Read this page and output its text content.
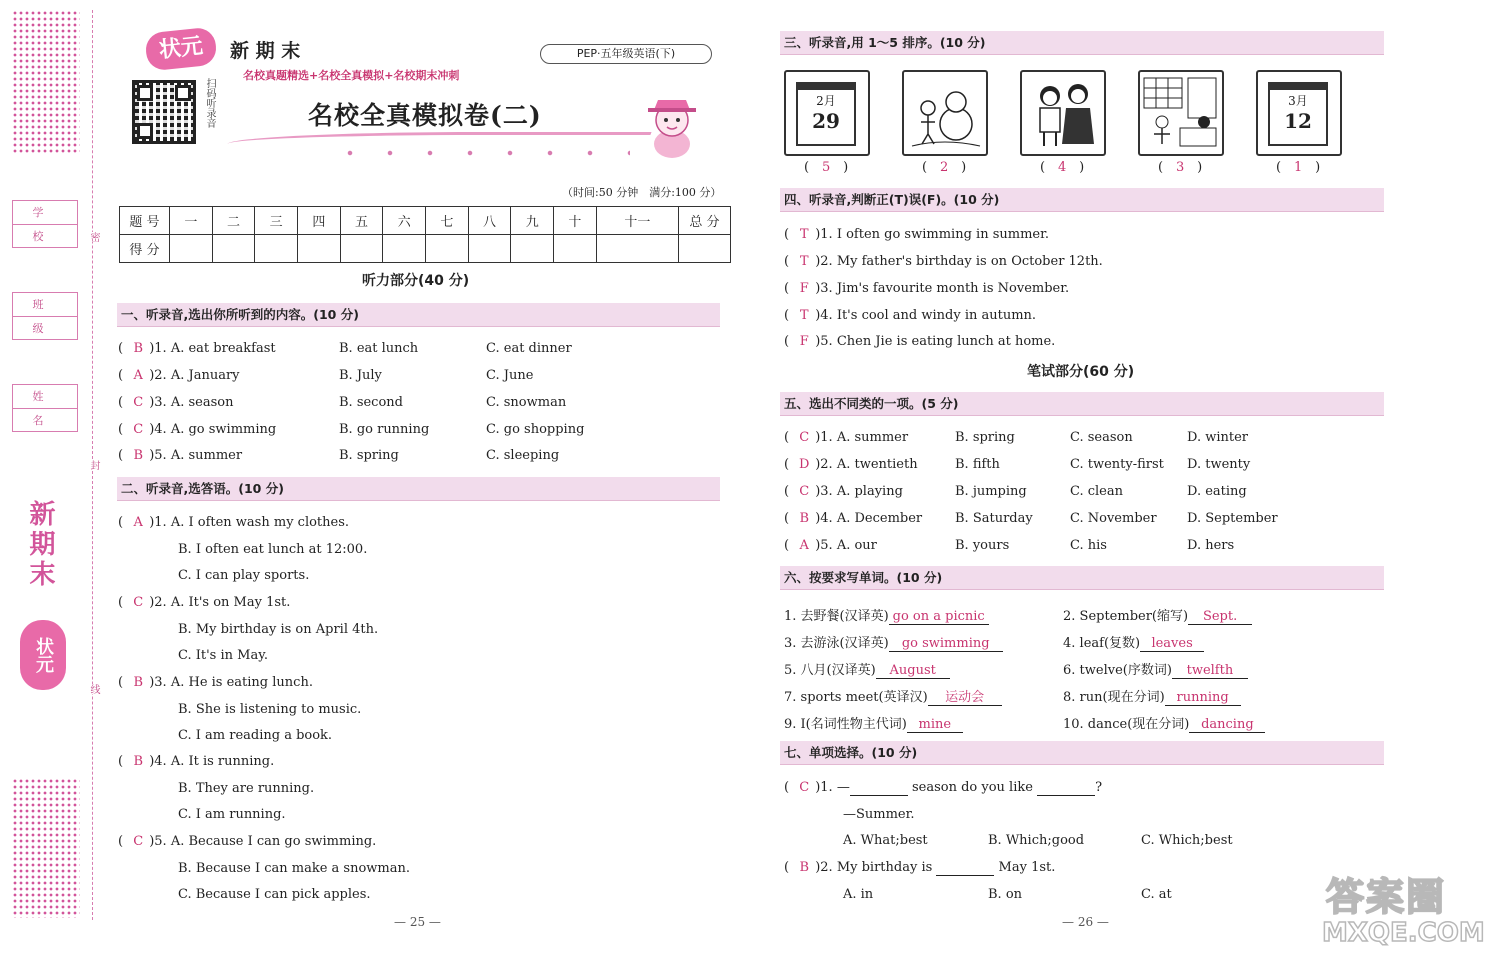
密
封
线
学 校
班 级
姓 名
新期末
状元
状元	新 期 末
名校真题精选+名校全真模拟+名校期末冲刺
PEP·五年级英语(下)
扫码听录音	名校全真模拟卷(二)
（时间:50 分钟　满分:100 分）
题 号	一	二	三	四	五	六	七	八	九	十	十一	总 分
得 分												
听力部分(40 分)
一、听录音,选出你所听到的内容。(10 分)
( B )1. A. eat breakfast	B. eat lunch	C. eat dinner
( A )2. A. January	B. July	C. June
( C )3. A. season	B. second	C. snowman
( C )4. A. go swimming	B. go running	C. go shopping
( B )5. A. summer	B. spring	C. sleeping
二、听录音,选答语。(10 分)
( A )1. A. I often wash my clothes.
B. I often eat lunch at 12:00.
C. I can play sports.
( C )2. A. It's on May 1st.
B. My birthday is on April 4th.
C. It's in May.
( B )3. A. He is eating lunch.
B. She is listening to music.
C. I am reading a book.
( B )4. A. It is running.
B. They are running.
C. I am running.
( C )5. A. Because I can go swimming.
B. Because I can make a snowman.
C. Because I can pick apples.
— 25 —
三、听录音,用 1～5 排序。(10 分)
2月
29
3月
12
( 5 )	( 2 )	( 4 )	( 3 )	( 1 )
四、听录音,判断正(T)误(F)。(10 分)
( T )1. I often go swimming in summer.
( T )2. My father's birthday is on October 12th.
( F )3. Jim's favourite month is November.
( T )4. It's cool and windy in autumn.
( F )5. Chen Jie is eating lunch at home.
笔试部分(60 分)
五、选出不同类的一项。(5 分)
( C )1. A. summer	B. spring	C. season	D. winter
( D )2. A. twentieth	B. fifth	C. twenty-first D. twenty
( C )3. A. playing	B. jumping	C. clean	D. eating
( B )4. A. December	B. Saturday	C. November D. September
( A )5. A. our	B. yours	C. his	D. hers
六、按要求写单词。(10 分)
1. 去野餐(汉译英) go on a picnic	2. September(缩写) Sept.
3. 去游泳(汉译英) go swimming	4. leaf(复数) leaves
5. 八月(汉译英) August	6. twelve(序数词) twelfth
7. sports meet(英译汉) 运动会	8. run(现在分词) running
9. I(名词性物主代词) mine	10. dance(现在分词) dancing
七、单项选择。(10 分)
( C )1. —	season do you like	?
—Summer.
A. What;best	B. Which;good	C. Which;best
( B )2. My birthday is	May 1st.
A. in	B. on	C. at
— 26 —
答案圈
MXQE.COM
